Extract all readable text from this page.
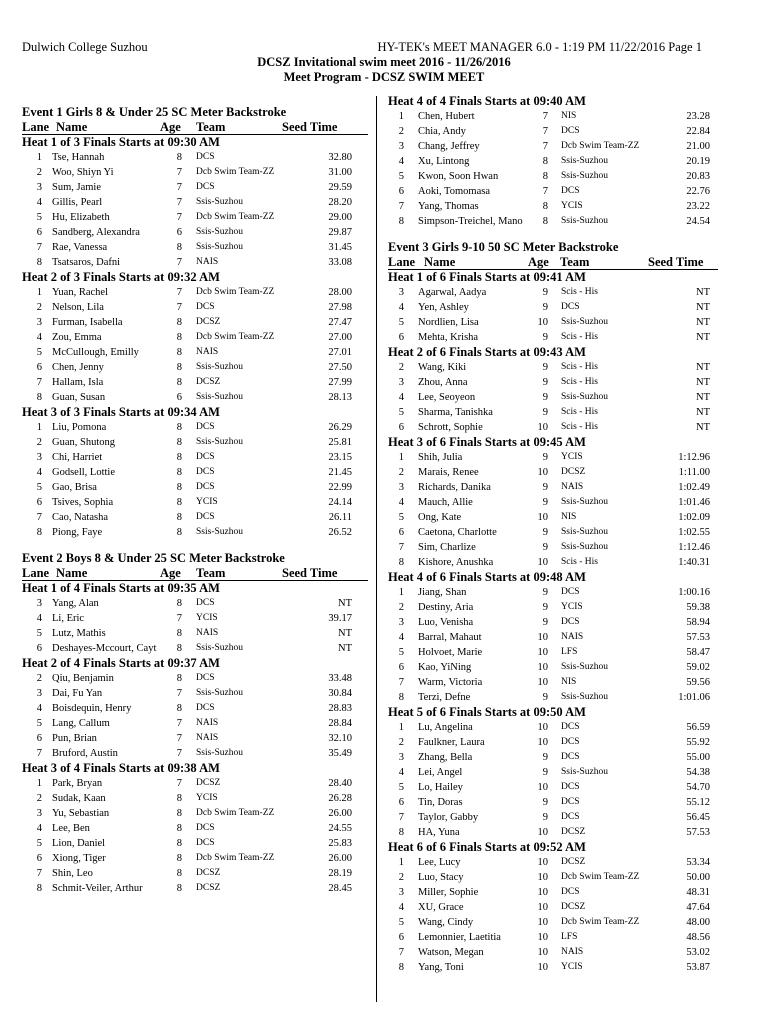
Dulwich College Suzhou	HY-TEK's MEET MANAGER 6.0 - 1:19 PM 11/22/2016 Page 1
DCSZ Invitational swim meet 2016 - 11/26/2016
Meet Program - DCSZ SWIM MEET
Event 1 Girls 8 & Under 25 SC Meter Backstroke
Lane Name	Age Team	Seed Time
Heat 1 of 3 Finals Starts at 09:30 AM
1 Tse, Hannah	8 DCS	32.80
2 Woo, Shiyn Yi	7 Dcb Swim Team-ZZ	31.00
3 Sum, Jamie	7 DCS	29.59
4 Gillis, Pearl	7 Ssis-Suzhou	28.20
5 Hu, Elizabeth	7 Dcb Swim Team-ZZ	29.00
6 Sandberg, Alexandra	6 Ssis-Suzhou	29.87
7 Rae, Vanessa	8 Ssis-Suzhou	31.45
8 Tsatsaros, Dafni	7 NAIS	33.08
Heat 2 of 3 Finals Starts at 09:32 AM
1 Yuan, Rachel	7 Dcb Swim Team-ZZ	28.00
2 Nelson, Lila	7 DCS	27.98
3 Furman, Isabella	8 DCSZ	27.47
4 Zou, Emma	8 Dcb Swim Team-ZZ	27.00
5 McCullough, Emilly	8 NAIS	27.01
6 Chen, Jenny	8 Ssis-Suzhou	27.50
7 Hallam, Isla	8 DCSZ	27.99
8 Guan, Susan	6 Ssis-Suzhou	28.13
Heat 3 of 3 Finals Starts at 09:34 AM
1 Liu, Pomona	8 DCS	26.29
2 Guan, Shutong	8 Ssis-Suzhou	25.81
3 Chi, Harriet	8 DCS	23.15
4 Godsell, Lottie	8 DCS	21.45
5 Gao, Brisa	8 DCS	22.99
6 Tsives, Sophia	8 YCIS	24.14
7 Cao, Natasha	8 DCS	26.11
8 Piong, Faye	8 Ssis-Suzhou	26.52
Event 2 Boys 8 & Under 25 SC Meter Backstroke
Lane Name	Age Team	Seed Time
Heat 1 of 4 Finals Starts at 09:35 AM
3 Yang, Alan	8 DCS	NT
4 Li, Eric	7 YCIS	39.17
5 Lutz, Mathis	8 NAIS	NT
6 Deshayes-Mccourt, Cayt	8 Ssis-Suzhou	NT
Heat 2 of 4 Finals Starts at 09:37 AM
2 Qiu, Benjamin	8 DCS	33.48
3 Dai, Fu Yan	7 Ssis-Suzhou	30.84
4 Boisdequin, Henry	8 DCS	28.83
5 Lang, Callum	7 NAIS	28.84
6 Pun, Brian	7 NAIS	32.10
7 Bruford, Austin	7 Ssis-Suzhou	35.49
Heat 3 of 4 Finals Starts at 09:38 AM
1 Park, Bryan	7 DCSZ	28.40
2 Sudak, Kaan	8 YCIS	26.28
3 Yu, Sebastian	8 Dcb Swim Team-ZZ	26.00
4 Lee, Ben	8 DCS	24.55
5 Lion, Daniel	8 DCS	25.83
6 Xiong, Tiger	8 Dcb Swim Team-ZZ	26.00
7 Shin, Leo	8 DCSZ	28.19
8 Schmit-Veiler, Arthur	8 DCSZ	28.45
Heat 4 of 4 Finals Starts at 09:40 AM
1 Chen, Hubert	7 NIS	23.28
2 Chia, Andy	7 DCS	22.84
3 Chang, Jeffrey	7 Dcb Swim Team-ZZ	21.00
4 Xu, Lintong	8 Ssis-Suzhou	20.19
5 Kwon, Soon Hwan	8 Ssis-Suzhou	20.83
6 Aoki, Tomomasa	7 DCS	22.76
7 Yang, Thomas	8 YCIS	23.22
8 Simpson-Treichel, Mano	8 Ssis-Suzhou	24.54
Event 3 Girls 9-10 50 SC Meter Backstroke
Lane Name	Age Team	Seed Time
Heat 1 of 6 Finals Starts at 09:41 AM
3 Agarwal, Aadya	9 Scis - His	NT
4 Yen, Ashley	9 DCS	NT
5 Nordlien, Lisa	10 Ssis-Suzhou	NT
6 Mehta, Krisha	9 Scis - His	NT
Heat 2 of 6 Finals Starts at 09:43 AM
2 Wang, Kiki	9 Scis - His	NT
3 Zhou, Anna	9 Scis - His	NT
4 Lee, Seoyeon	9 Ssis-Suzhou	NT
5 Sharma, Tanishka	9 Scis - His	NT
6 Schrott, Sophie	10 Scis - His	NT
Heat 3 of 6 Finals Starts at 09:45 AM
1 Shih, Julia	9 YCIS	1:12.96
2 Marais, Renee	10 DCSZ	1:11.00
3 Richards, Danika	9 NAIS	1:02.49
4 Mauch, Allie	9 Ssis-Suzhou	1:01.46
5 Ong, Kate	10 NIS	1:02.09
6 Caetona, Charlotte	9 Ssis-Suzhou	1:02.55
7 Sim, Charlize	9 Ssis-Suzhou	1:12.46
8 Kishore, Anushka	10 Scis - His	1:40.31
Heat 4 of 6 Finals Starts at 09:48 AM
1 Jiang, Shan	9 DCS	1:00.16
2 Destiny, Aria	9 YCIS	59.38
3 Luo, Venisha	9 DCS	58.94
4 Barral, Mahaut	10 NAIS	57.53
5 Holvoet, Marie	10 LFS	58.47
6 Kao, YiNing	10 Ssis-Suzhou	59.02
7 Warm, Victoria	10 NIS	59.56
8 Terzi, Defne	9 Ssis-Suzhou	1:01.06
Heat 5 of 6 Finals Starts at 09:50 AM
1 Lu, Angelina	10 DCS	56.59
2 Faulkner, Laura	10 DCS	55.92
3 Zhang, Bella	9 DCS	55.00
4 Lei, Angel	9 Ssis-Suzhou	54.38
5 Lo, Hailey	10 DCS	54.70
6 Tin, Doras	9 DCS	55.12
7 Taylor, Gabby	9 DCS	56.45
8 HA, Yuna	10 DCSZ	57.53
Heat 6 of 6 Finals Starts at 09:52 AM
1 Lee, Lucy	10 DCSZ	53.34
2 Luo, Stacy	10 Dcb Swim Team-ZZ	50.00
3 Miller, Sophie	10 DCS	48.31
4 XU, Grace	10 DCSZ	47.64
5 Wang, Cindy	10 Dcb Swim Team-ZZ	48.00
6 Lemonnier, Laetitia	10 LFS	48.56
7 Watson, Megan	10 NAIS	53.02
8 Yang, Toni	10 YCIS	53.87
